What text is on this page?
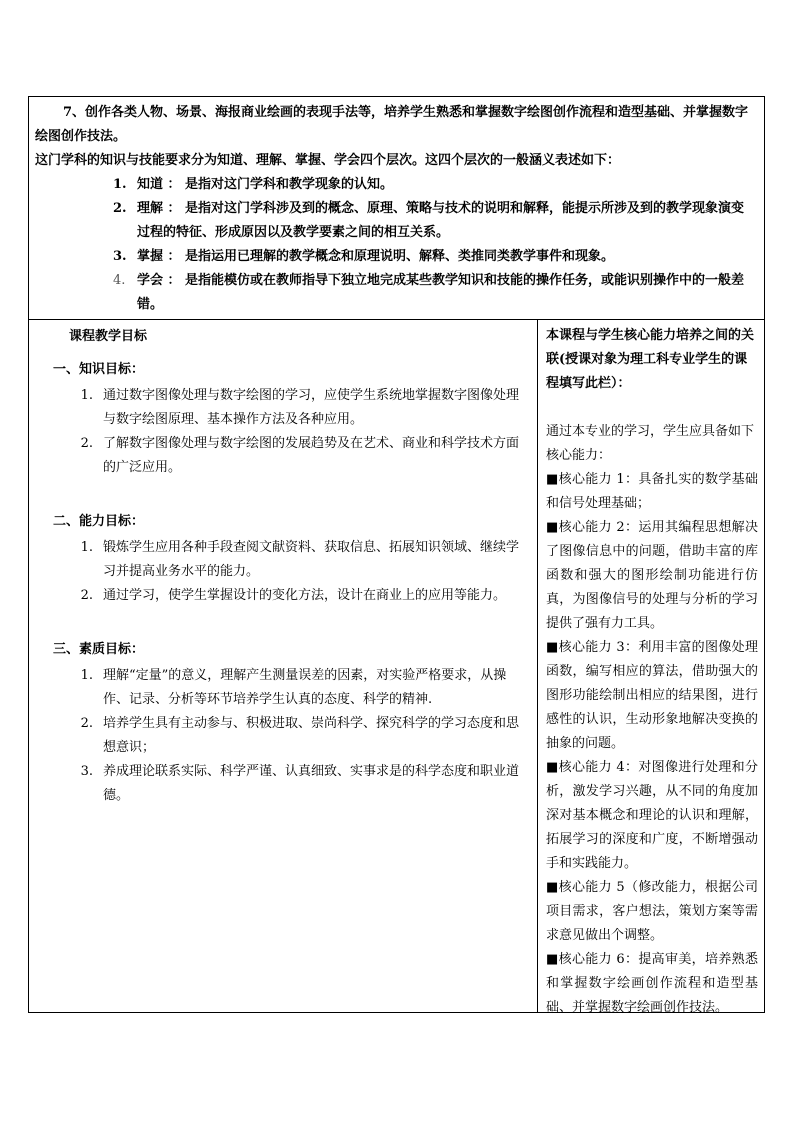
7、创作各类人物、场景、海报商业绘画的表现手法等，培养学生熟悉和掌握数字绘图创作流程和造型基础、并掌握数字绘图创作技法。

这门学科的知识与技能要求分为知道、理解、掌握、学会四个层次。这四个层次的一般涵义表述如下：

1. 知道 ： 是指对这门学科和教学现象的认知。
2. 理解 ： 是指对这门学科涉及到的概念、原理、策略与技术的说明和解释，能提示所涉及到的教学现象演变过程的特征、形成原因以及教学要素之间的相互关系。
3. 掌握 ： 是指运用已理解的教学概念和原理说明、解释、类推同类教学事件和现象。
4. 学会 ： 是指能模仿或在教师指导下独立地完成某些教学知识和技能的操作任务，或能识别操作中的一般差错。
课程教学目标

一、知识目标：

1. 通过数字图像处理与数字绘图的学习，应使学生系统地掌握数字图像处理与数字绘图原理、基本操作方法及各种应用。
2. 了解数字图像处理与数字绘图的发展趋势及在艺术、商业和科学技术方面的广泛应用。

二、能力目标：

1. 锻炼学生应用各种手段查阅文献资料、获取信息、拓展知识领域、继续学习并提高业务水平的能力。
2. 通过学习，使学生掌握设计的变化方法，设计在商业上的应用等能力。

三、素质目标：

1. 理解“定量”的意义，理解产生测量误差的因素，对实验严格要求，从操作、记录、分析等环节培养学生认真的态度、科学的精神.
2. 培养学生具有主动参与、积极进取、崇尚科学、探究科学的学习态度和思想意识；
3. 养成理论联系实际、科学严谨、认真细致、实事求是的科学态度和职业道德。

本课程与学生核心能力培养之间的关联(授课对象为理工科专业学生的课程填写此栏）：

通过本专业的学习，学生应具备如下核心能力：

■核心能力 1：具备扎实的数学基础和信号处理基础；

■核心能力 2：运用其编程思想解决了图像信息中的问题，借助丰富的库函数和强大的图形绘制功能进行仿真，为图像信号的处理与分析的学习提供了强有力工具。

■核心能力 3：利用丰富的图像处理函数，编写相应的算法，借助强大的图形功能绘制出相应的结果图，进行感性的认识，生动形象地解决变换的抽象的问题。

■核心能力 4：对图像进行处理和分析，激发学习兴趣，从不同的角度加深对基本概念和理论的认识和理解，拓展学习的深度和广度，不断增强动手和实践能力。

■核心能力 5（修改能力，根据公司项目需求，客户想法，策划方案等需求意见做出个调整。

■核心能力 6：提高审美，培养熟悉和掌握数字绘画创作流程和造型基础、并掌握数字绘画创作技法。
